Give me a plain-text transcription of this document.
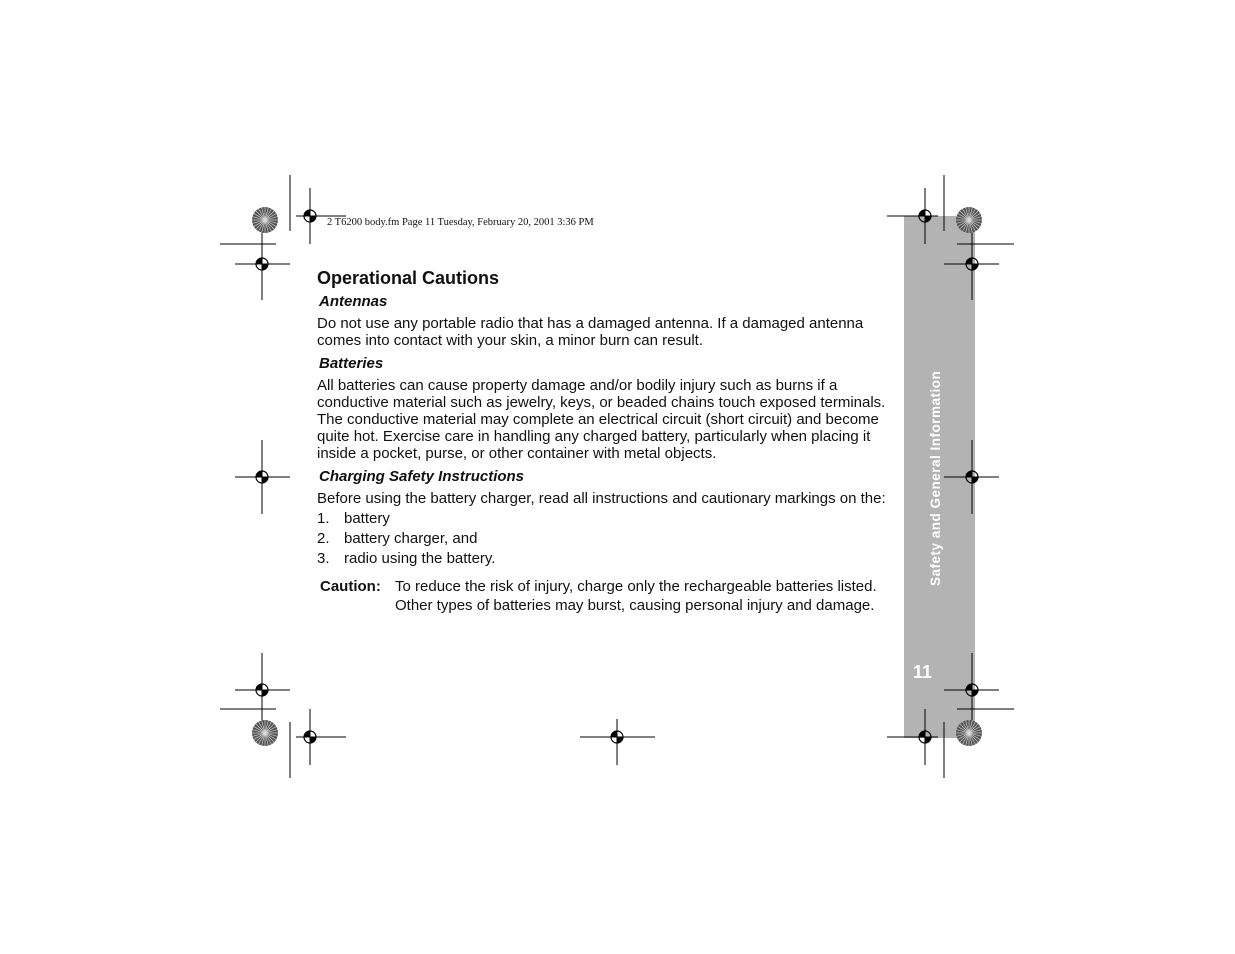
Safety and General Information
11
2 T6200 body.fm Page 11 Tuesday, February 20, 2001 3:36 PM
Operational Cautions
Antennas

Do not use any portable radio that has a damaged antenna. If a damaged antenna comes into contact with your skin, a minor burn can result.

Batteries

All batteries can cause property damage and/or bodily injury such as burns if a conductive material such as jewelry, keys, or beaded chains touch exposed terminals. The conductive material may complete an electrical circuit (short circuit) and become quite hot. Exercise care in handling any charged battery, particularly when placing it inside a pocket, purse, or other container with metal objects.

Charging Safety Instructions

Before using the battery charger, read all instructions and cautionary markings on the:

1. battery
2. battery charger, and
3. radio using the battery.
Caution: To reduce the risk of injury, charge only the rechargeable batteries listed. Other types of batteries may burst, causing personal injury and damage.
